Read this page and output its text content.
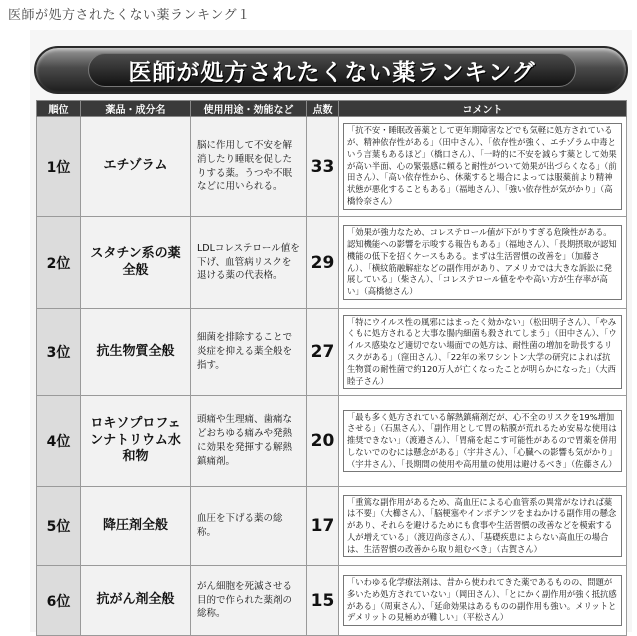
医師が処方されたくない薬ランキング１
医師が処方されたくない薬ランキング
順位	薬品・成分名	使用用途・効能など	点数	コメント
1位	エチゾラム	脳に作用して不安を解消したり睡眠を促したりする薬。うつや不眠などに用いられる。	33	「抗不安・睡眠改善薬として更年期障害などでも気軽に処方されているが、精神依存性がある」（田中さん）、「依存性が強く、エチゾラム中毒という言葉もあるほど」（橋口さん）、「一時的に不安を減らす薬として効果が高い半面、心の緊張感に頼ると耐性がついて効果が出づらくなる」（前田さん）、「高い依存性から、休薬すると場合によっては服薬前より精神状態が悪化することもある」（福地さん）、「強い依存性が気がかり」（高橋怜奈さん）

2位	スタチン系の薬全般	LDLコレステロール値を下げ、血管病リスクを退ける薬の代表格。	29	「効果が強力なため、コレステロール値が下がりすぎる危険性がある。認知機能への影響を示唆する報告もある」（福地さん）、「長期摂取が認知機能の低下を招くケースもある。まずは生活習慣の改善を」（加藤さん）、「横紋筋融解症などの副作用があり、アメリカでは大きな訴訟に発展している」（柴さん）、「コレステロール値をやや高い方が生存率が高い」（高橋徳さん）

3位	抗生物質全般	細菌を排除することで炎症を抑える薬全般を指す。	27	「特にウイルス性の風邪にはまったく効かない」（松田明子さん）、「やみくもに処方されると大事な腸内細菌も殺されてしまう」（田中さん）、「ウイルス感染など適切でない場面での処方は、耐性菌の増加を助長するリスクがある」（窪田さん）、「22年の米ワシントン大学の研究によれば抗生物質の耐性菌で約120万人が亡くなったことが明らかになった」（大西睦子さん）

4位	ロキソプロフェンナトリウム水和物	頭痛や生理痛、歯痛などおちゆる痛みや発熱に効果を発揮する解熱鎮痛剤。	20	「最も多く処方されている解熱鎮痛剤だが、心不全のリスクを19%増加させる」（石黒さん）、「副作用として胃の粘膜が荒れるため安易な使用は推奨できない」（渡邉さん）、「胃痛を起こす可能性があるので胃薬を併用しないでのむには懸念がある」（宇井さん）、「心臓への影響も気がかり」（宇井さん）、「長期間の使用や高用量の使用は避けるべき」（佐藤さん）

5位	降圧剤全般	血圧を下げる薬の総称。	17	「重篤な副作用があるため、高血圧による心血管系の異常がなければ薬は不要」（大櫛さん）、「脳梗塞やインポテンツをまねかける副作用の懸念があり、それらを避けるためにも食事や生活習慣の改善などを模索する人が増えている」（渡辺尚彦さん）、「基礎疾患によらない高血圧の場合は、生活習慣の改善から取り組むべき」（古賀さん）

6位	抗がん剤全般	がん細胞を死滅させる目的で作られた薬剤の総称。	15	「いわゆる化学療法剤は、昔から使われてきた薬であるものの、問題が多いため処方されていない」（岡田さん）、「とにかく副作用が強く抵抗感がある」（周東さん）、「延命効果はあるものの副作用も強い。メリットとデメリットの見極めが難しい」（平松さん）
